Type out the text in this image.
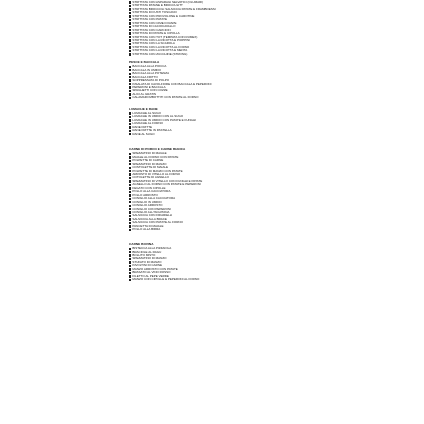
STRITTATA CON ASPARAGI SELVATICI (OLUMARI)
STRITTATA PATANE E BROCCULITT
STRITTATA BROCCOLI SALSICCIA PATATE E FRAMBOESSI
STRITTATA DI FUSTI TOSCANO
STRITTATA CON PROVOLONE E CAROTINE
STRITTATA CON PATATE
STRITTATA CON CIME DI RAPE
STRITTATA DI CACIOCAVALLO
STRITTATA CON CARCIOFI
STRITTATA DI PATATE E CIPOLLA
STRITTATA CON TOT (TEMPATA CON RUMEX)
STRITTATA CON LA RICOTTA E PIOPPINI
STRITTATA CON LA SCAROLA
STRITTATA CON LA RICOTTA AL FORNO
STRITTATA CON LA RICOTTA E MENTA
STRITTATA CON ZUCCHINE (STRONG)
PESCE E BACCALA
BACCALA ALLA PIOCCA
BACCALA IN UMIDO
BACCALA ALLA POTENZA
BACCALA FRITTO
SOPPRESSATA DI POLPO
INSALATA DI CAVOLFIORE CON BACCALA E PEPERONI
PEPERONI E BACCALA
SPAGHETTI CON COZZE
ALICI AL GRATIN
CALAMARI IMBOTTITI CON PATATE AL FORNO
LUMACHE E RANE
LUMACHE AL SUGO
LUMACHE IN UMIDO CON AL SUGO
LUMACHE IN UMIDO CON PATATE E FUNGHI
LUMACHE AL FORNO
RANE FRITTE
RANE FRITTE IN PASTELLA
RANE AL SUGO
CARNE DI PORCO E CARNE BIANCA
SPEZZATINO DI MAIALE
MAIALE AL FORNO CON PATATE
POLPETTE DI CARNE
SPEZZATINO DI MANZO
COSTOLETTE DI MAIALE
POLPETTE DI MANZO CON PATATE
ARROSTO DI VITELLO AL FORNO
COTOLETTE DI AGNELLO
SPEZZATINO DI VITELLO CON FUNGHI E PATATE
AGNELLO AL FORNO CON PATATE E PEPERONI
FEGATO CON CIPOLLE
POLLO ALLA CACCIATORA
POLLO ARROSTO
CONIGLIO ALLA CACCIATORA
CONIGLIO IN UMIDO
CONIGLIO ARROSTO
CONIGLIO CON PEPERONI
CONIGLIO ALL'ISCHITANA
SALSICCIA CON FRIARIELLI
SALSICCIA ALLA BRACE
SALSICCIA CON PATATE AL FORNO
PANCETTA DI MAIALE
POLLO ALLA BIRRA
CARNE BOVINA
BISTECCA ALLA PIZZAIOLA
BRACIOLE AL RAGU
BOLLITO MISTO
SPEZZATINO DI MANZO
STUFATO DI MANZO
INVOLTINI DI CARNE
MANZO ARROSTO CON PATATE
BRASATO AL VINO ROSSO
FILETTO AL PEPE VERDE
MANZO CON CIPOLLE E PEPERONI AL FORNO
